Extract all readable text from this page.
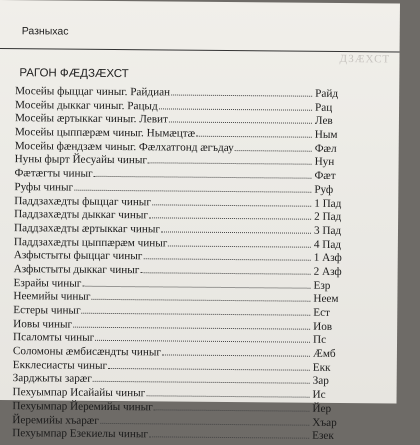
Разныхас
ДЗÆХСТ
РАГОН ФÆДЗÆХСТ
Мосейы фыццаг чиныг. Райдиан	Райд
Мосейы дыккаг чиныг. Рацыд	Рац
Мосейы æртыккаг чиныг. Левит	Лев
Мосейы цыппæрæм чиныг. Нымæцтæ	Ным
Мосейы фæндзæм чиныг. Фæлхатгонд æгъдау	Фæл
Нуны фырт Йесуайы чиныг	Нун
Фæтæгты чиныг	Фæт
Руфы чиныг	Руф
Паддзахæдты фыццаг чиныг	1 Пад
Паддзахæдты дыккаг чиныг	2 Пад
Паддзахæдты æртыккаг чиныг	3 Пад
Паддзахæдты цыппæрæм чиныг	4 Пад
Азфыстыты фыццаг чиныг	1 Азф
Азфыстыты дыккаг чиныг	2 Азф
Езрайы чиныг	Езр
Неемийы чиныг	Неем
Естеры чиныг	Ест
Иовы чиныг	Иов
Псаломты чиныг	Пс
Соломоны æмбисæндты чиныг	Æмб
Екклесиасты чиныг	Екк
Зарджыты зарæг	Зар
Пехуымпар Исайайы чиныг	Ис
Пехуымпар Йеремийы чиныг	Йер
Йеремийы хъарæг	Хъар
Пехуымпар Езекиелы чиныг	Езек
